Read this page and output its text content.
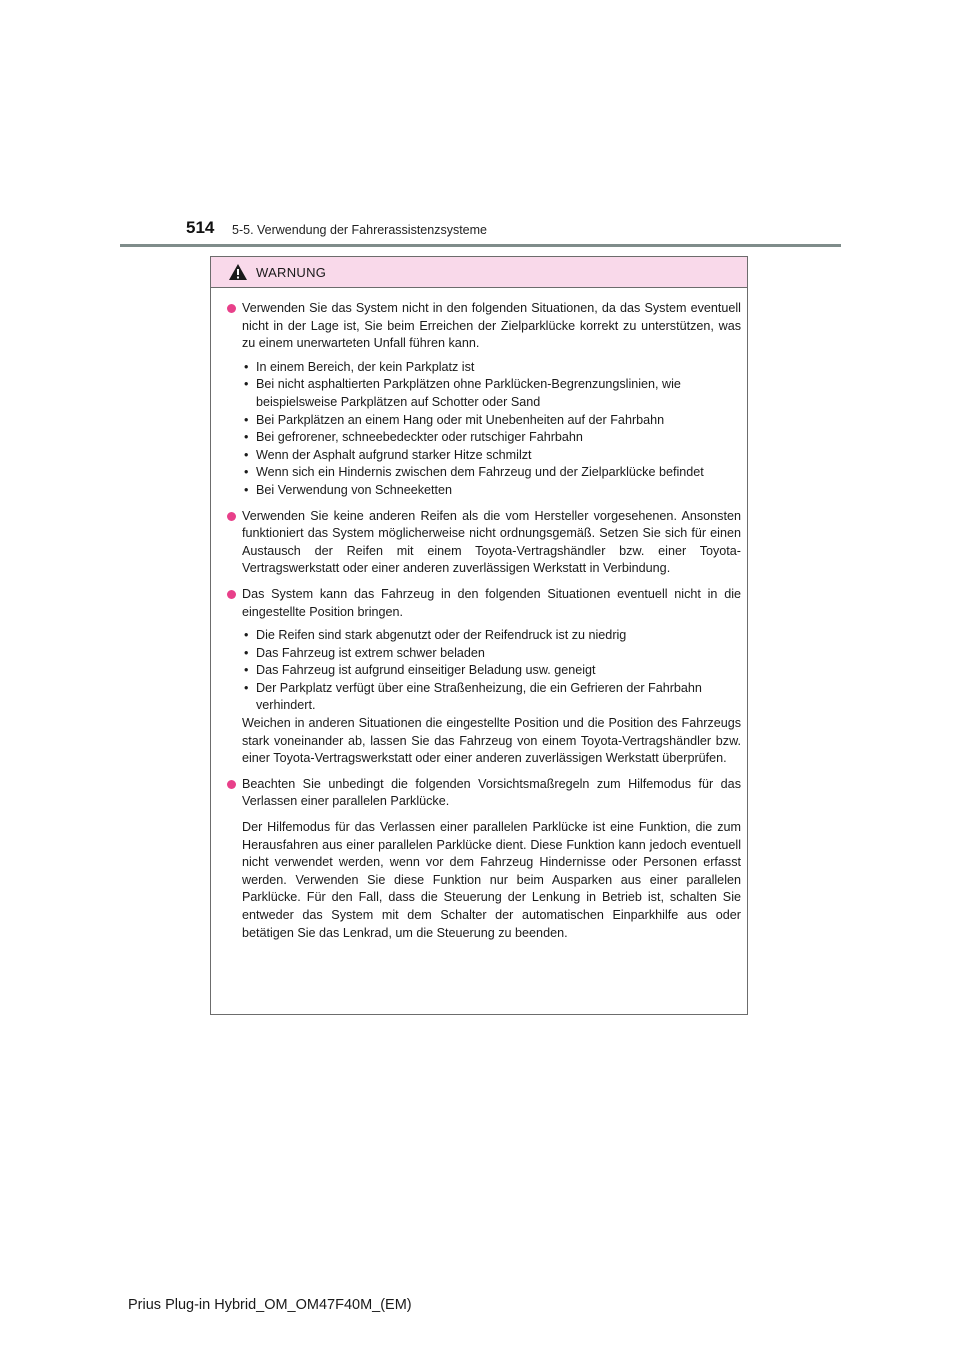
514 5-5. Verwendung der Fahrerassistenzsysteme
WARNUNG

Verwenden Sie das System nicht in den folgenden Situationen, da das System eventuell nicht in der Lage ist, Sie beim Erreichen der Zielparklücke korrekt zu unterstützen, was zu einem unerwarteten Unfall führen kann.

• In einem Bereich, der kein Parkplatz ist
• Bei nicht asphaltierten Parkplätzen ohne Parklücken-Begrenzungslinien, wie beispielsweise Parkplätzen auf Schotter oder Sand
• Bei Parkplätzen an einem Hang oder mit Unebenheiten auf der Fahrbahn
• Bei gefrorener, schneebedeckter oder rutschiger Fahrbahn
• Wenn der Asphalt aufgrund starker Hitze schmilzt
• Wenn sich ein Hindernis zwischen dem Fahrzeug und der Zielparklücke befindet
• Bei Verwendung von Schneeketten

Verwenden Sie keine anderen Reifen als die vom Hersteller vorgesehenen. Ansonsten funktioniert das System möglicherweise nicht ordnungsgemäß. Setzen Sie sich für einen Austausch der Reifen mit einem Toyota-Vertragshändler bzw. einer Toyota-Vertragswerkstatt oder einer anderen zuverlässigen Werkstatt in Verbindung.

Das System kann das Fahrzeug in den folgenden Situationen eventuell nicht in die eingestellte Position bringen.

• Die Reifen sind stark abgenutzt oder der Reifendruck ist zu niedrig
• Das Fahrzeug ist extrem schwer beladen
• Das Fahrzeug ist aufgrund einseitiger Beladung usw. geneigt
• Der Parkplatz verfügt über eine Straßenheizung, die ein Gefrieren der Fahrbahn verhindert.

Weichen in anderen Situationen die eingestellte Position und die Position des Fahrzeugs stark voneinander ab, lassen Sie das Fahrzeug von einem Toyota-Vertragshändler bzw. einer Toyota-Vertragswerkstatt oder einer anderen zuverlässigen Werkstatt überprüfen.

Beachten Sie unbedingt die folgenden Vorsichtsmaßregeln zum Hilfemodus für das Verlassen einer parallelen Parklücke.

Der Hilfemodus für das Verlassen einer parallelen Parklücke ist eine Funktion, die zum Herausfahren aus einer parallelen Parklücke dient. Diese Funktion kann jedoch eventuell nicht verwendet werden, wenn vor dem Fahrzeug Hindernisse oder Personen erfasst werden. Verwenden Sie diese Funktion nur beim Ausparken aus einer parallelen Parklücke. Für den Fall, dass die Steuerung der Lenkung in Betrieb ist, schalten Sie entweder das System mit dem Schalter der automatischen Einparkhilfe aus oder betätigen Sie das Lenkrad, um die Steuerung zu beenden.

Prius Plug-in Hybrid_OM_OM47F40M_(EM)
